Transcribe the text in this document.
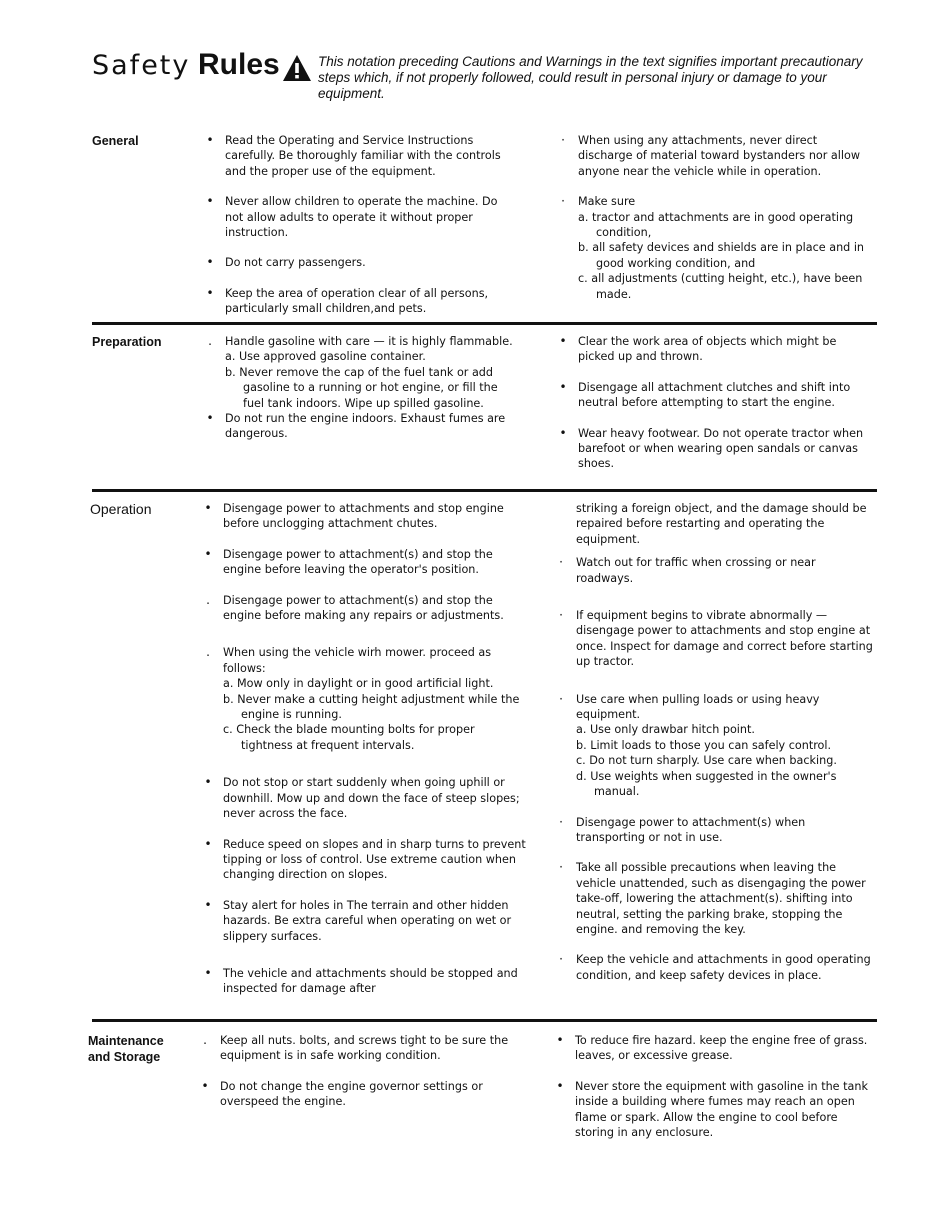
Safety Rules	This notation preceding Cautions and Warnings in the text signifies important precautionary steps which, if not properly followed, could result in personal injury or damage to your equipment.
General	•	Read the Operating and Service Instructions carefully. Be thoroughly familiar with the controls and the proper use of the equipment.
•	Never allow children to operate the machine. Do not allow adults to operate it without proper instruction.
•	Do not carry passengers.
•	Keep the area of operation clear of all persons, particularly small children,and pets.
·	When using any attachments, never direct discharge of material toward bystanders nor allow anyone near the vehicle while in operation.
·	Make sure
a. tractor and attachments are in good operating condition,
b. all safety devices and shields are in place and in good working condition, and
c. all adjustments (cutting height, etc.), have been made.
Preparation	.	Handle gasoline with care — it is highly flammable.
a. Use approved gasoline container.
b. Never remove the cap of the fuel tank or add gasoline to a running or hot engine, or fill the fuel tank indoors. Wipe up spilled gasoline.
•	Do not run the engine indoors. Exhaust fumes are dangerous.
•	Clear the work area of objects which might be picked up and thrown.
•	Disengage all attachment clutches and shift into neutral before attempting to start the engine.
•	Wear heavy footwear. Do not operate tractor when barefoot or when wearing open sandals or canvas shoes.
Operation	•	Disengage power to attachments and stop engine before unclogging attachment chutes.
•	Disengage power to attachment(s) and stop the engine before leaving the operator's position.
.	Disengage power to attachment(s) and stop the engine before making any repairs or adjustments.
.	When using the vehicle wirh mower. proceed as follows:
a. Mow only in daylight or in good artificial light.
b. Never make a cutting height adjustment while the engine is running.
c. Check the blade mounting bolts for proper tightness at frequent intervals.
•	Do not stop or start suddenly when going uphill or downhill. Mow up and down the face of steep slopes; never across the face.
•	Reduce speed on slopes and in sharp turns to prevent tipping or loss of control. Use extreme caution when changing direction on slopes.
•	Stay alert for holes in The terrain and other hidden hazards. Be extra careful when operating on wet or slippery surfaces.
•	The vehicle and attachments should be stopped and inspected for damage after
striking a foreign object, and the damage should be repaired before restarting and operating the equipment.
·	Watch out for traffic when crossing or near roadways.
·	If equipment begins to vibrate abnormally — disengage power to attachments and stop engine at once. Inspect for damage and correct before starting up tractor.
·	Use care when pulling loads or using heavy equipment.
a. Use only drawbar hitch point.
b. Limit loads to those you can safely control.
c. Do not turn sharply. Use care when backing.
d. Use weights when suggested in the owner's manual.
·	Disengage power to attachment(s) when transporting or not in use.
·	Take all possible precautions when leaving the vehicle unattended, such as disengaging the power take-off, lowering the attachment(s). shifting into neutral, setting the parking brake, stopping the engine. and removing the key.
·	Keep the vehicle and attachments in good operating condition, and keep safety devices in place.
Maintenance
and Storage
.	Keep all nuts. bolts, and screws tight to be sure the equipment is in safe working condition.
•	Do not change the engine governor settings or overspeed the engine.
•	To reduce fire hazard. keep the engine free of grass. leaves, or excessive grease.
•	Never store the equipment with gasoline in the tank inside a building where fumes may reach an open flame or spark. Allow the engine to cool before storing in any enclosure.
